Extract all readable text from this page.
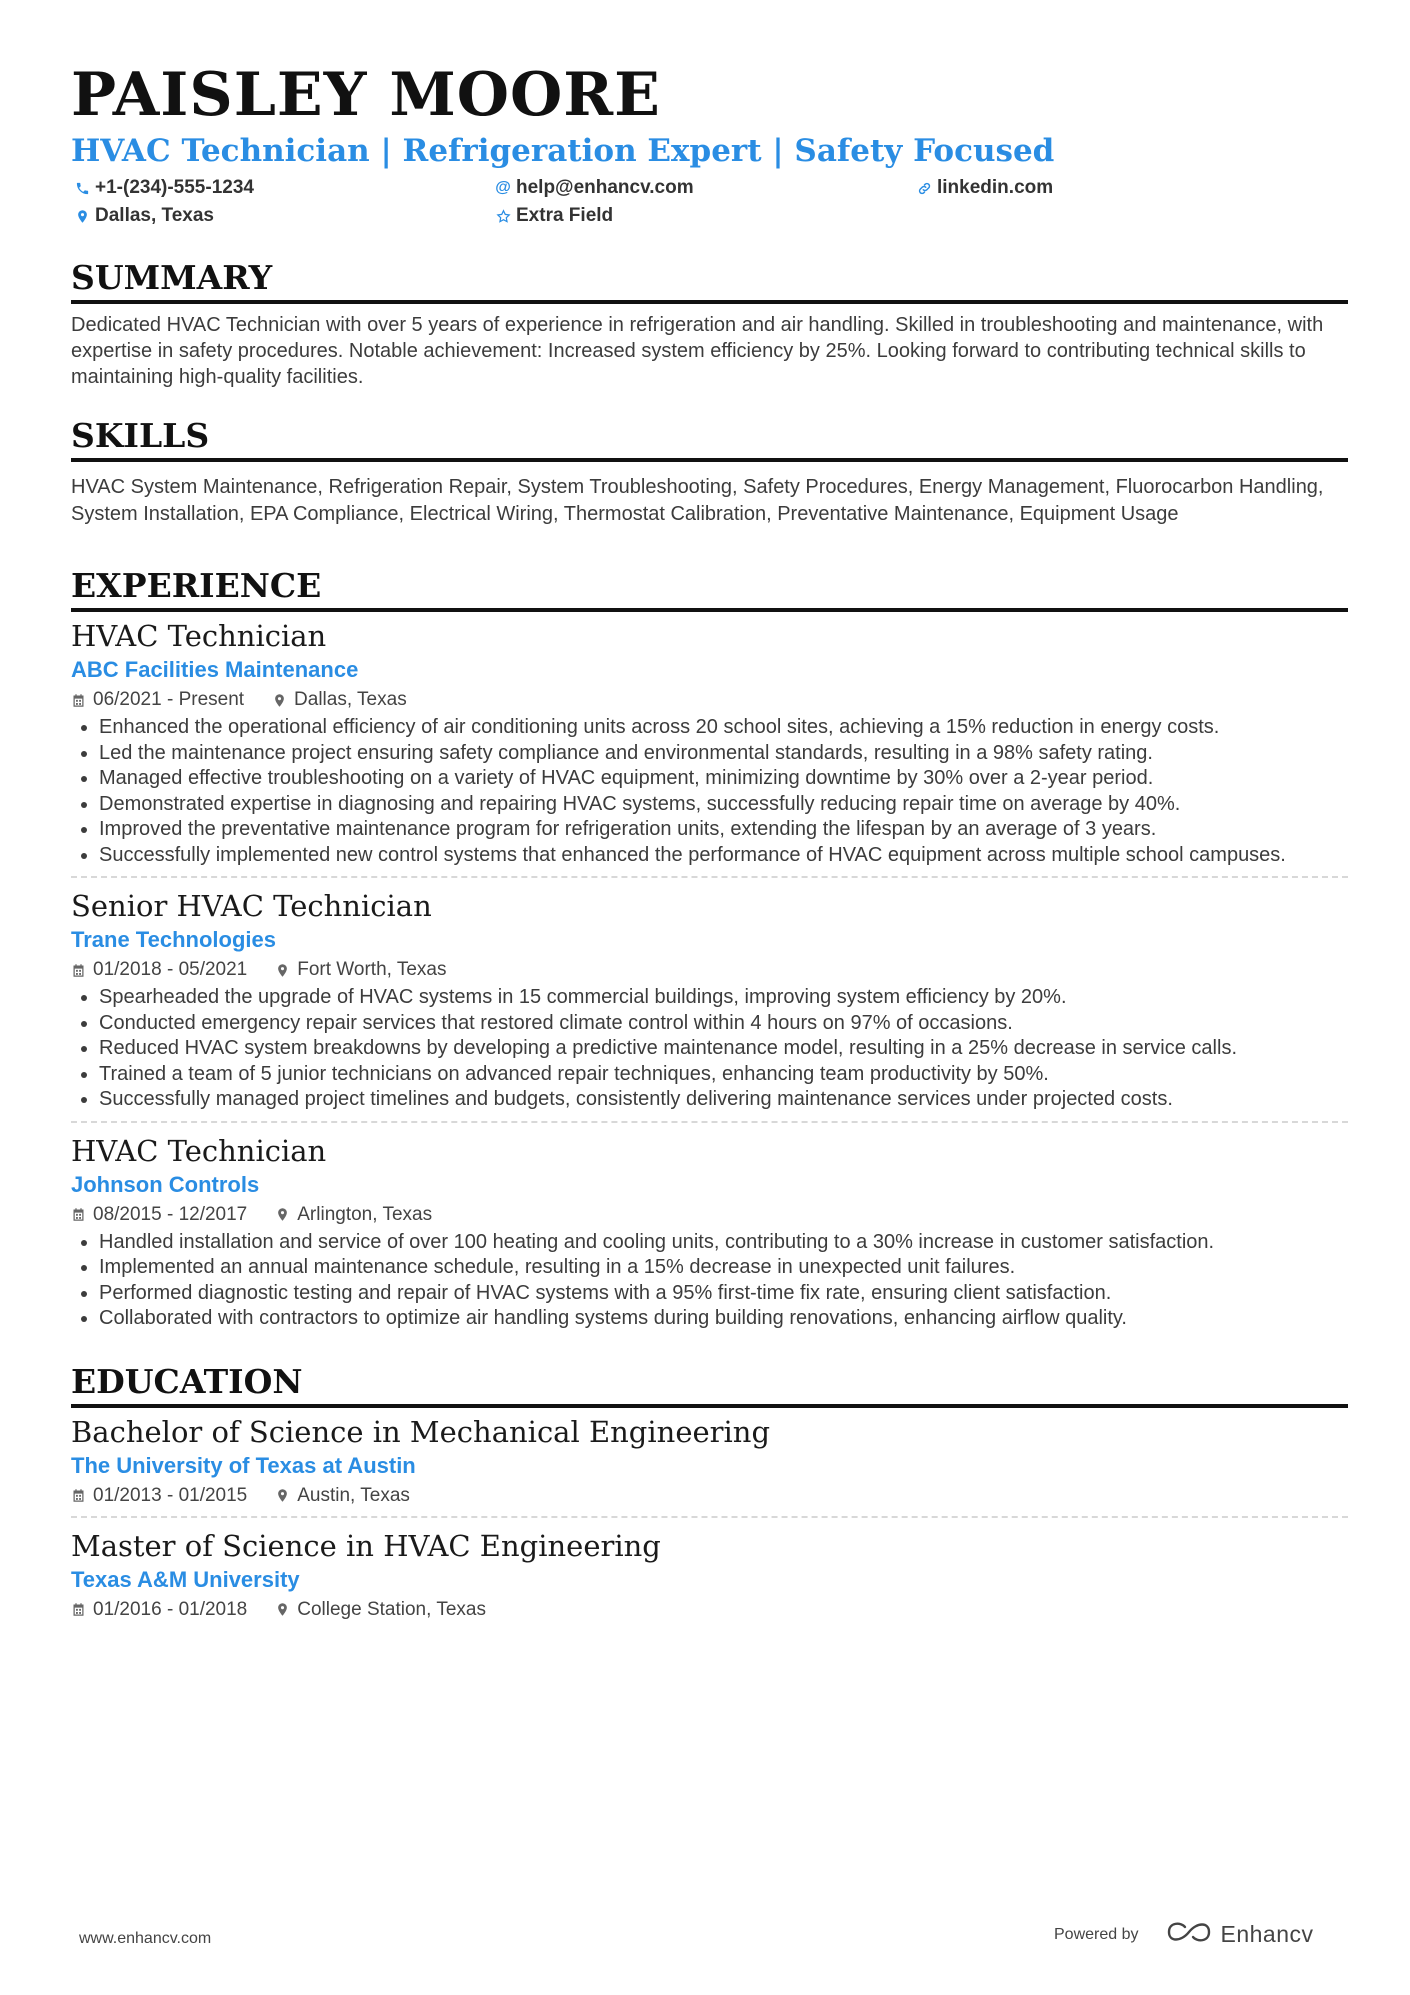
PAISLEY MOORE
HVAC Technician | Refrigeration Expert | Safety Focused
+1-(234)-555-1234	@ help@enhancv.com	linkedin.com
Dallas, Texas	Extra Field
SUMMARY

Dedicated HVAC Technician with over 5 years of experience in refrigeration and air handling. Skilled in troubleshooting and maintenance, with expertise in safety procedures. Notable achievement: Increased system efficiency by 25%. Looking forward to contributing technical skills to maintaining high-quality facilities.

SKILLS

HVAC System Maintenance, Refrigeration Repair, System Troubleshooting, Safety Procedures, Energy Management, Fluorocarbon Handling, System Installation, EPA Compliance, Electrical Wiring, Thermostat Calibration, Preventative Maintenance, Equipment Usage

EXPERIENCE
HVAC Technician
ABC Facilities Maintenance
06/2021 - Present	Dallas, Texas
• Enhanced the operational efficiency of air conditioning units across 20 school sites, achieving a 15% reduction in energy costs.
• Led the maintenance project ensuring safety compliance and environmental standards, resulting in a 98% safety rating.
• Managed effective troubleshooting on a variety of HVAC equipment, minimizing downtime by 30% over a 2-year period.
• Demonstrated expertise in diagnosing and repairing HVAC systems, successfully reducing repair time on average by 40%.
• Improved the preventative maintenance program for refrigeration units, extending the lifespan by an average of 3 years.
• Successfully implemented new control systems that enhanced the performance of HVAC equipment across multiple school campuses.
Senior HVAC Technician
Trane Technologies
01/2018 - 05/2021	Fort Worth, Texas
• Spearheaded the upgrade of HVAC systems in 15 commercial buildings, improving system efficiency by 20%.
• Conducted emergency repair services that restored climate control within 4 hours on 97% of occasions.
• Reduced HVAC system breakdowns by developing a predictive maintenance model, resulting in a 25% decrease in service calls.
• Trained a team of 5 junior technicians on advanced repair techniques, enhancing team productivity by 50%.
• Successfully managed project timelines and budgets, consistently delivering maintenance services under projected costs.
HVAC Technician
Johnson Controls
08/2015 - 12/2017	Arlington, Texas
• Handled installation and service of over 100 heating and cooling units, contributing to a 30% increase in customer satisfaction.
• Implemented an annual maintenance schedule, resulting in a 15% decrease in unexpected unit failures.
• Performed diagnostic testing and repair of HVAC systems with a 95% first-time fix rate, ensuring client satisfaction.
• Collaborated with contractors to optimize air handling systems during building renovations, enhancing airflow quality.
EDUCATION
Bachelor of Science in Mechanical Engineering
The University of Texas at Austin
01/2013 - 01/2015	Austin, Texas
Master of Science in HVAC Engineering
Texas A&M University
01/2016 - 01/2018	College Station, Texas
www.enhancv.com	Powered by	Enhancv
